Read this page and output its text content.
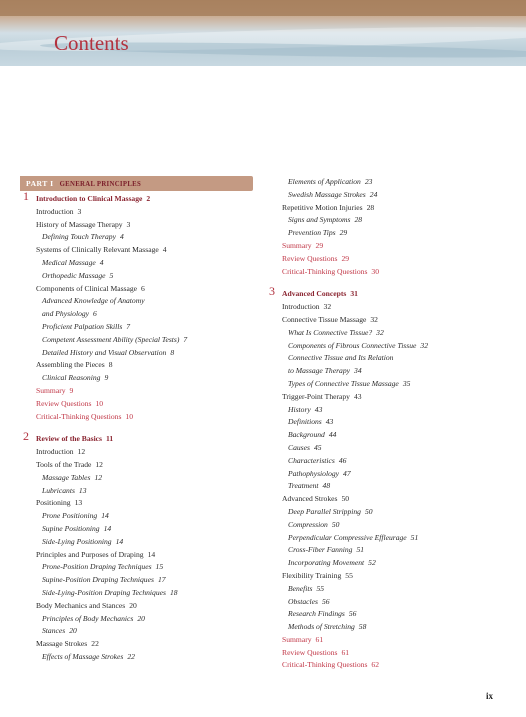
Contents
PART I GENERAL PRINCIPLES
1 Introduction to Clinical Massage 2
Introduction 3
History of Massage Therapy 3
Defining Touch Therapy 4
Systems of Clinically Relevant Massage 4
Medical Massage 4
Orthopedic Massage 5
Components of Clinical Massage 6
Advanced Knowledge of Anatomy
and Physiology 6
Proficient Palpation Skills 7
Competent Assessment Ability (Special Tests) 7
Detailed History and Visual Observation 8
Assembling the Pieces 8
Clinical Reasoning 9
Summary 9
Review Questions 10
Critical-Thinking Questions 10
2 Review of the Basics 11
Introduction 12
Tools of the Trade 12
Massage Tables 12
Lubricants 13
Positioning 13
Prone Positioning 14
Supine Positioning 14
Side-Lying Positioning 14
Principles and Purposes of Draping 14
Prone-Position Draping Techniques 15
Supine-Position Draping Techniques 17
Side-Lying-Position Draping Techniques 18
Body Mechanics and Stances 20
Principles of Body Mechanics 20
Stances 20
Massage Strokes 22
Effects of Massage Strokes 22
Elements of Application 23
Swedish Massage Strokes 24
Repetitive Motion Injuries 28
Signs and Symptoms 28
Prevention Tips 29
Summary 29
Review Questions 29
Critical-Thinking Questions 30
3 Advanced Concepts 31
Introduction 32
Connective Tissue Massage 32
What Is Connective Tissue? 32
Components of Fibrous Connective Tissue 32
Connective Tissue and Its Relation
to Massage Therapy 34
Types of Connective Tissue Massage 35
Trigger-Point Therapy 43
History 43
Definitions 43
Background 44
Causes 45
Characteristics 46
Pathophysiology 47
Treatment 48
Advanced Strokes 50
Deep Parallel Stripping 50
Compression 50
Perpendicular Compressive Effleurage 51
Cross-Fiber Fanning 51
Incorporating Movement 52
Flexibility Training 55
Benefits 55
Obstacles 56
Research Findings 56
Methods of Stretching 58
Summary 61
Review Questions 61
Critical-Thinking Questions 62
ix
